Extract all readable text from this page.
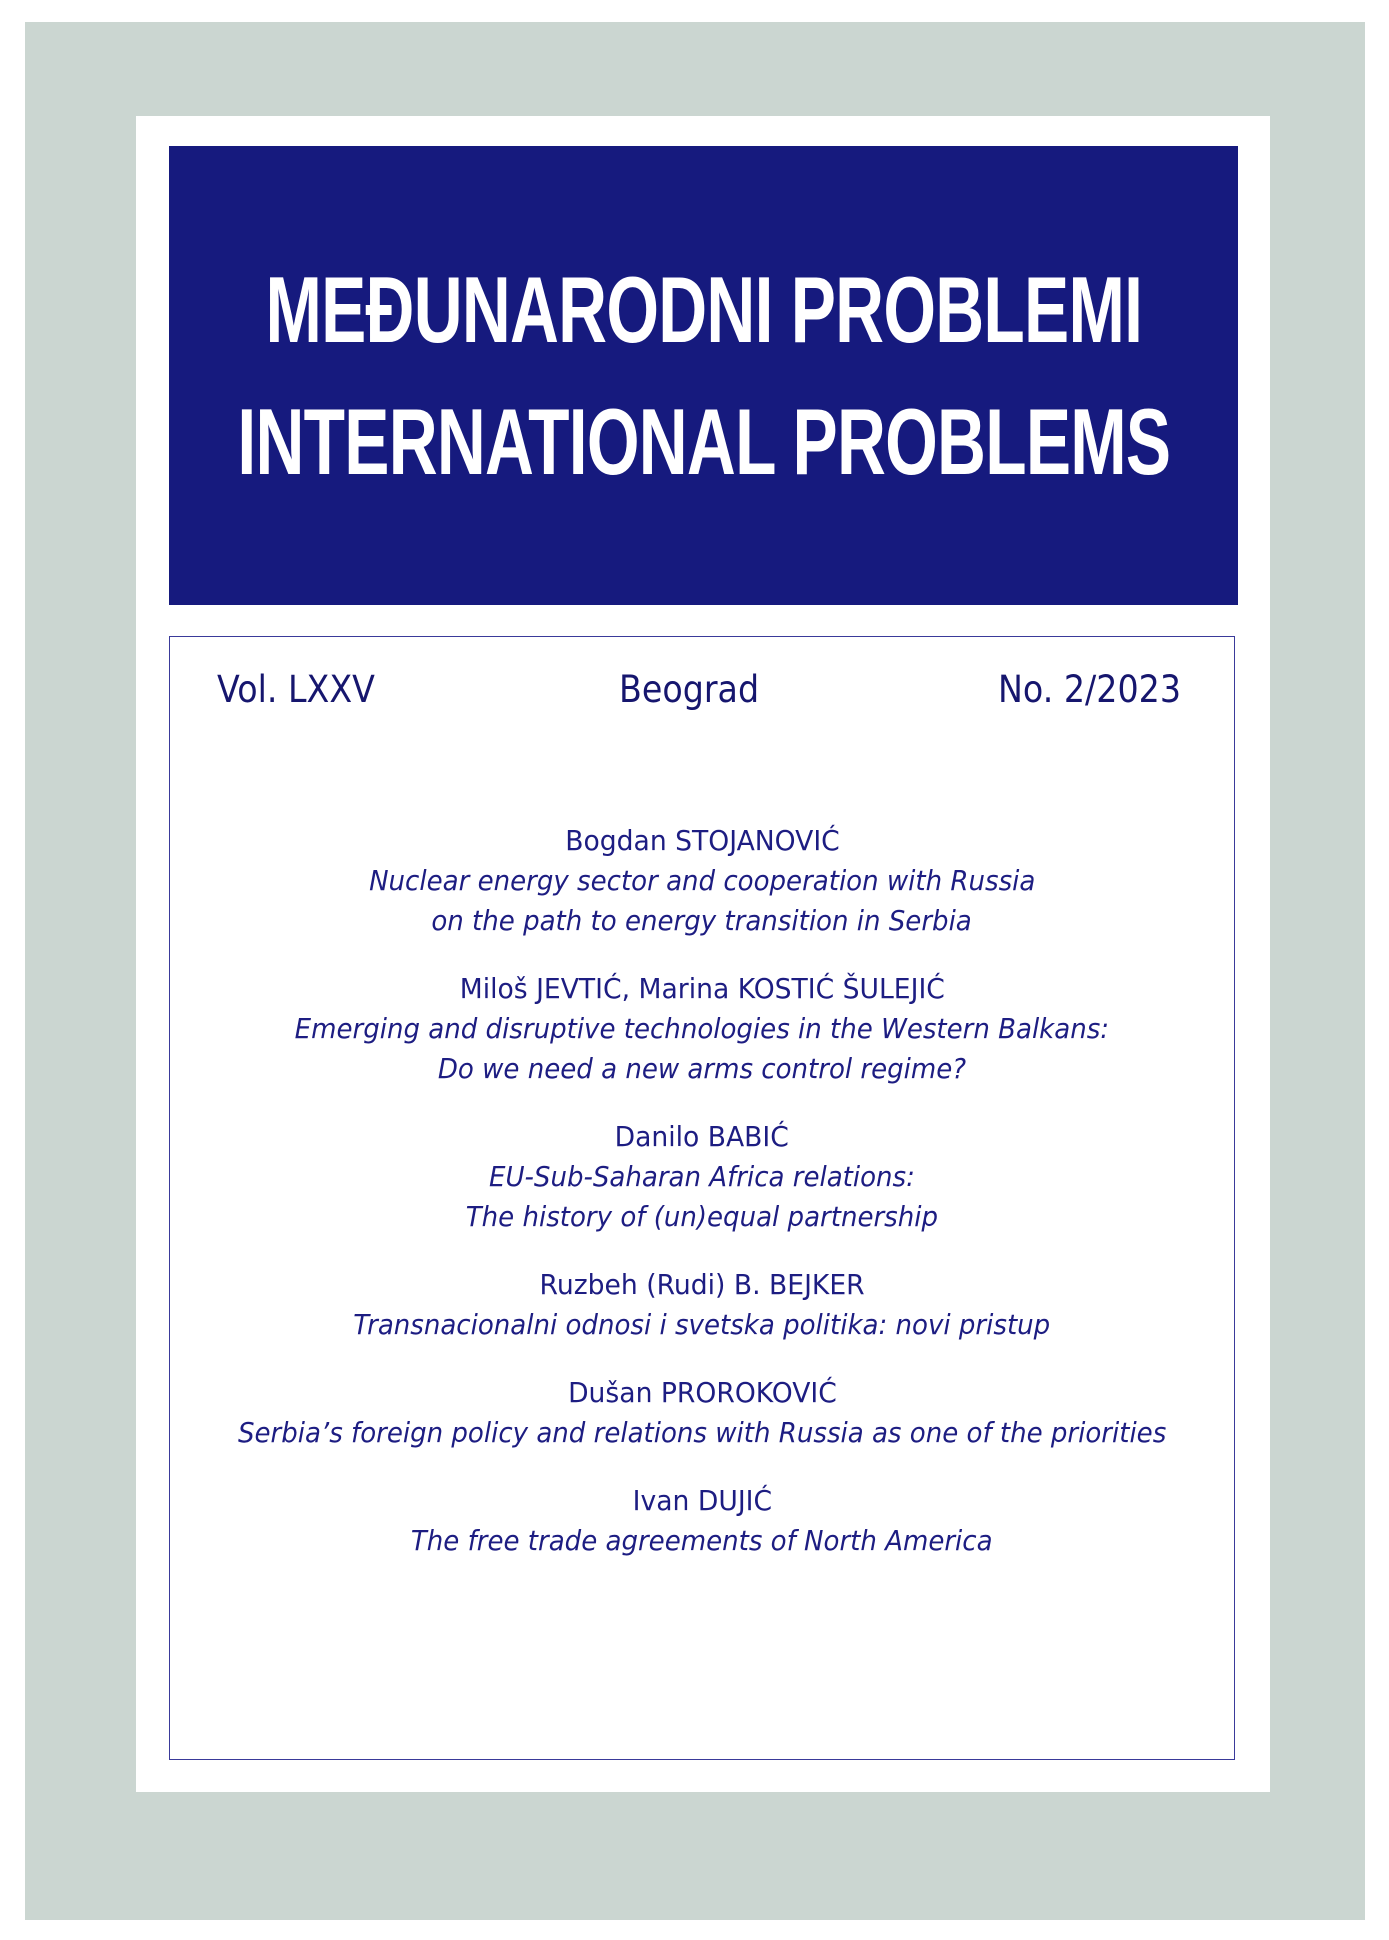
MEĐUNARODNI PROBLEMI
INTERNATIONAL PROBLEMS
Vol. LXXV	Beograd	No. 2/2023
Bogdan STOJANOVIĆ
Nuclear energy sector and cooperation with Russia
on the path to energy transition in Serbia
Miloš JEVTIĆ, Marina KOSTIĆ ŠULEJIĆ
Emerging and disruptive technologies in the Western Balkans:
Do we need a new arms control regime?
Danilo BABIĆ
EU-Sub-Saharan Africa relations:
The history of (un)equal partnership
Ruzbeh (Rudi) B. BEJKER
Transnacionalni odnosi i svetska politika: novi pristup
Dušan PROROKOVIĆ
Serbia’s foreign policy and relations with Russia as one of the priorities
Ivan DUJIĆ
The free trade agreements of North America
